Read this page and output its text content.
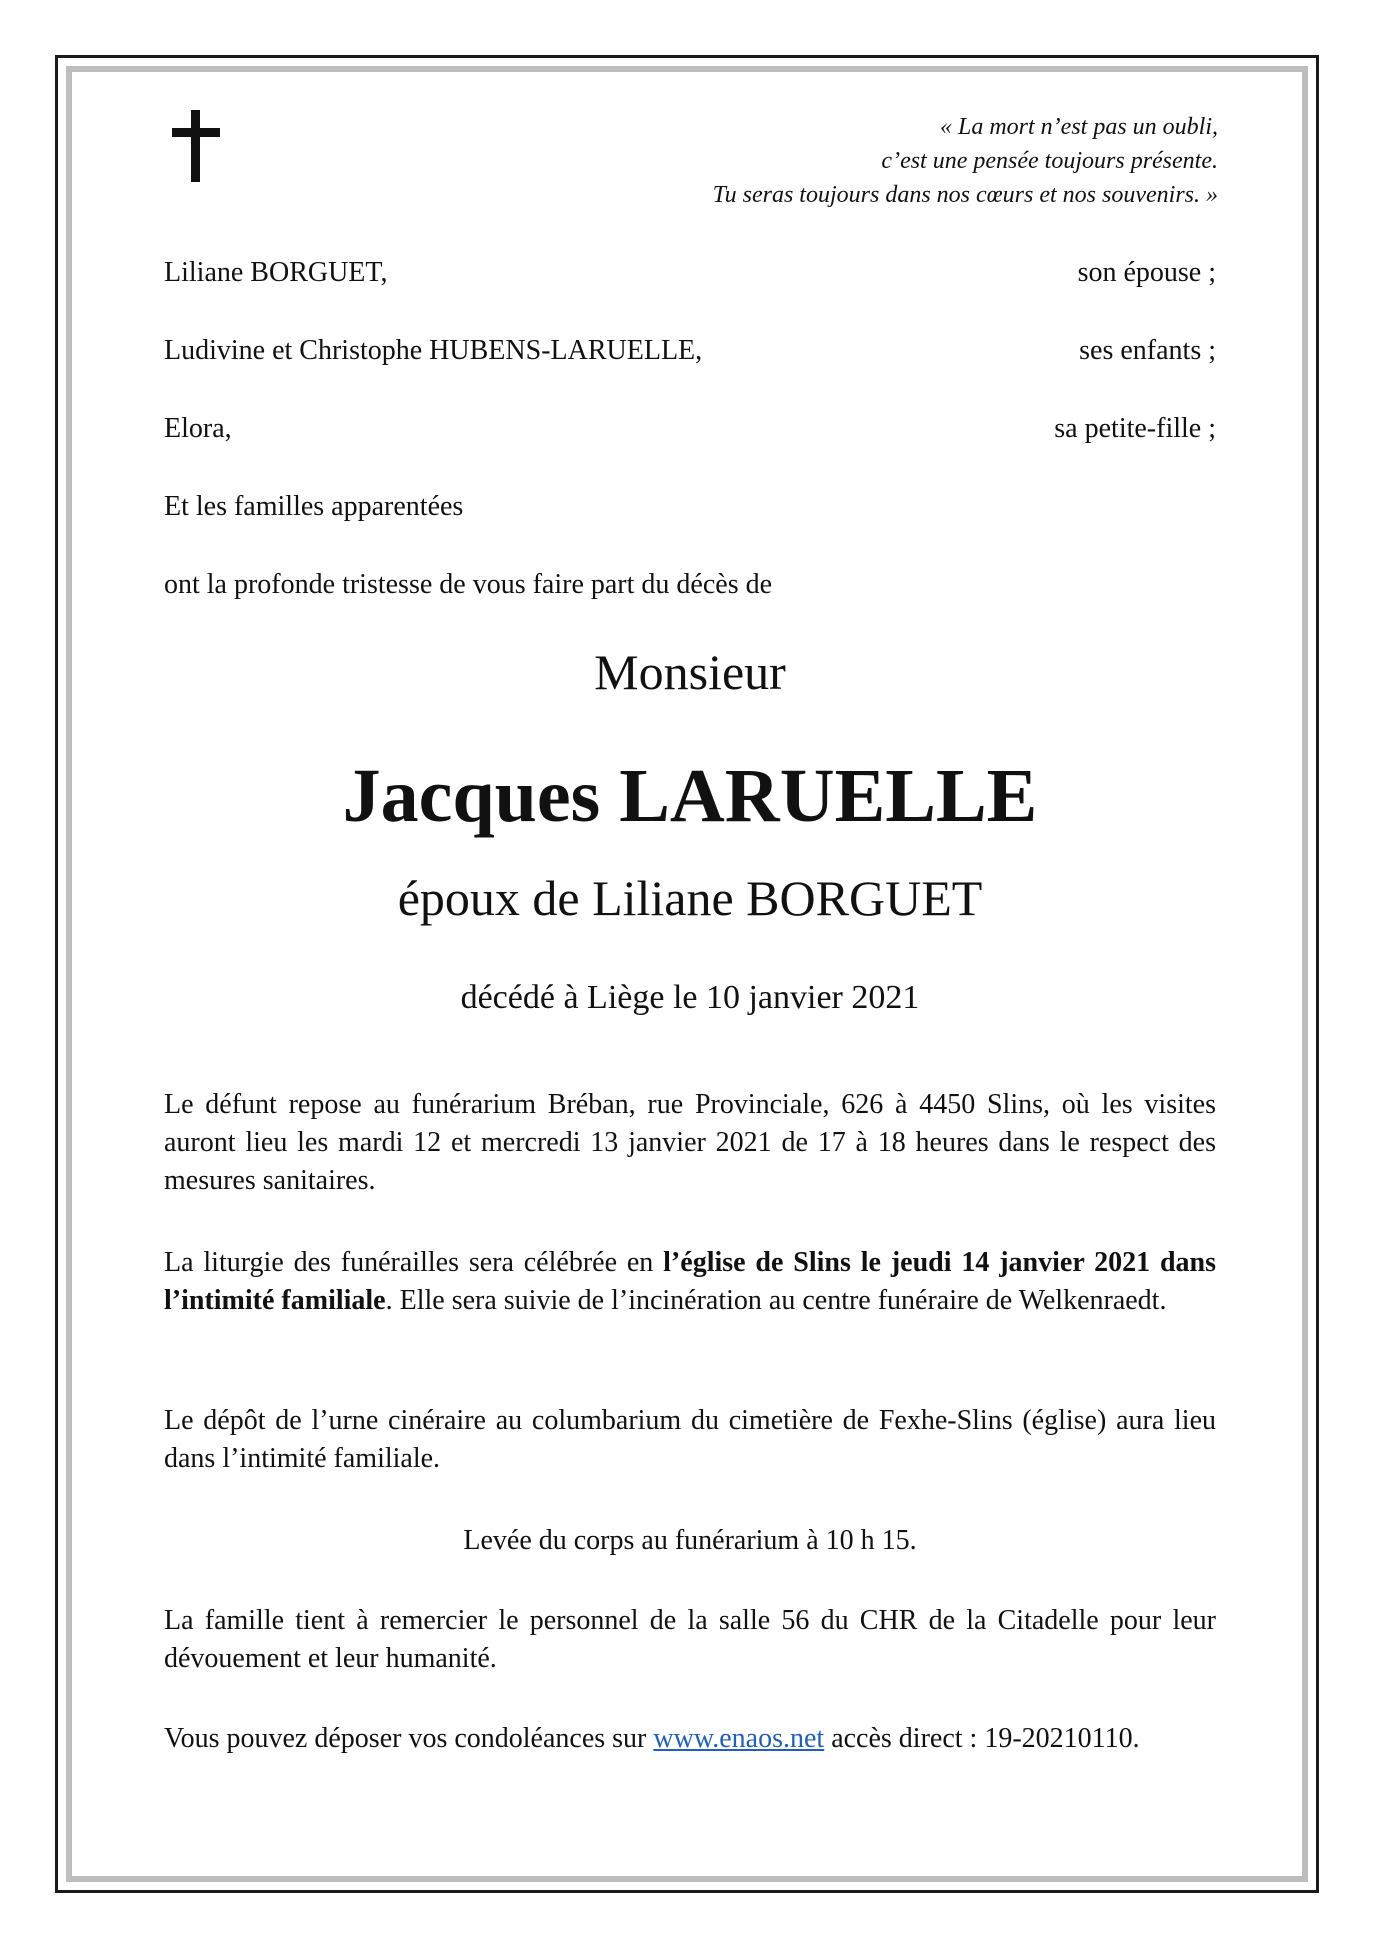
« La mort n’est pas un oubli,
c’est une pensée toujours présente.
Tu seras toujours dans nos cœurs et nos souvenirs. »
Liliane BORGUET,	son épouse ;
Ludivine et Christophe HUBENS-LARUELLE,	ses enfants ;
Elora,	sa petite-fille ;
Et les familles apparentées
ont la profonde tristesse de vous faire part du décès de
Monsieur
Jacques LARUELLE
époux de Liliane BORGUET
décédé à Liège le 10 janvier 2021
Le défunt repose au funérarium Bréban, rue Provinciale, 626 à 4450 Slins, où les visites auront lieu les mardi 12 et mercredi 13 janvier 2021 de 17 à 18 heures dans le respect des mesures sanitaires.
La liturgie des funérailles sera célébrée en l’église de Slins le jeudi 14 janvier 2021 dans l’intimité familiale. Elle sera suivie de l’incinération au centre funéraire de Welkenraedt.
Le dépôt de l’urne cinéraire au columbarium du cimetière de Fexhe-Slins (église) aura lieu dans l’intimité familiale.
Levée du corps au funérarium à 10 h 15.
La famille tient à remercier le personnel de la salle 56 du CHR de la Citadelle pour leur dévouement et leur humanité.
Vous pouvez déposer vos condoléances sur www.enaos.net accès direct : 19-20210110.
